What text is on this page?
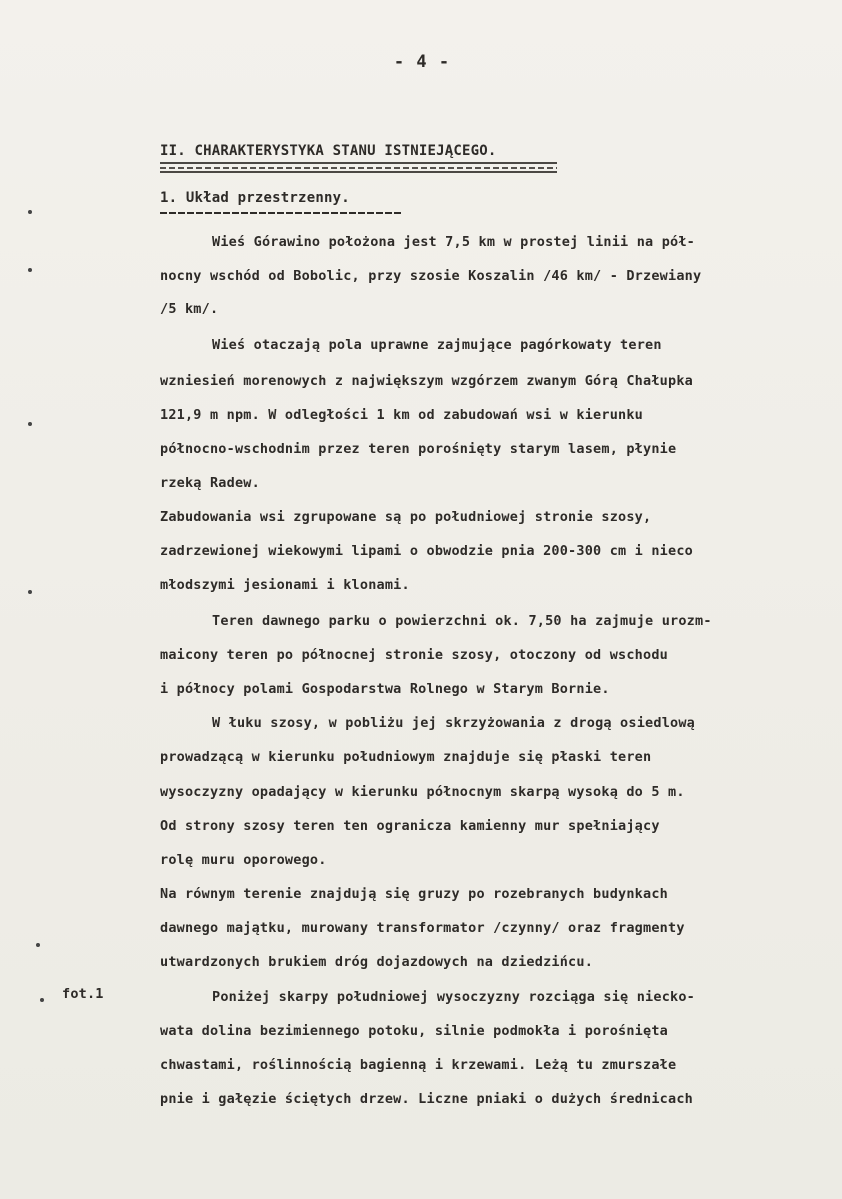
- 4 -
II. CHARAKTERYSTYKA STANU ISTNIEJĄCEGO.
1. Układ przestrzenny.
fot.1
Wieś Górawino położona jest 7,5 km w prostej linii na pół-
nocny wschód od Bobolic, przy szosie Koszalin /46 km/ - Drzewiany
/5 km/.
Wieś otaczają pola uprawne zajmujące pagórkowaty teren
wzniesień morenowych z największym wzgórzem zwanym Górą Chałupka
121,9 m npm. W odległości 1 km od zabudowań wsi w kierunku
północno-wschodnim przez teren porośnięty starym lasem, płynie
rzeką Radew.
Zabudowania wsi zgrupowane są po południowej stronie szosy,
zadrzewionej wiekowymi lipami o obwodzie pnia 200-300 cm i nieco
młodszymi jesionami i klonami.
Teren dawnego parku o powierzchni ok. 7,50 ha zajmuje urozm-
maicony teren po północnej stronie szosy, otoczony od wschodu
i północy polami Gospodarstwa Rolnego w Starym Bornie.
W łuku szosy, w pobliżu jej skrzyżowania z drogą osiedlową
prowadzącą w kierunku południowym znajduje się płaski teren
wysoczyzny opadający w kierunku północnym skarpą wysoką do 5 m.
Od strony szosy teren ten ogranicza kamienny mur spełniający
rolę muru oporowego.
Na równym terenie znajdują się gruzy po rozebranych budynkach
dawnego majątku, murowany transformator /czynny/ oraz fragmenty
utwardzonych brukiem dróg dojazdowych na dziedzińcu.
Poniżej skarpy południowej wysoczyzny rozciąga się niecko-
wata dolina bezimiennego potoku, silnie podmokła i porośnięta
chwastami, roślinnością bagienną i krzewami. Leżą tu zmurszałe
pnie i gałęzie ściętych drzew. Liczne pniaki o dużych średnicach
